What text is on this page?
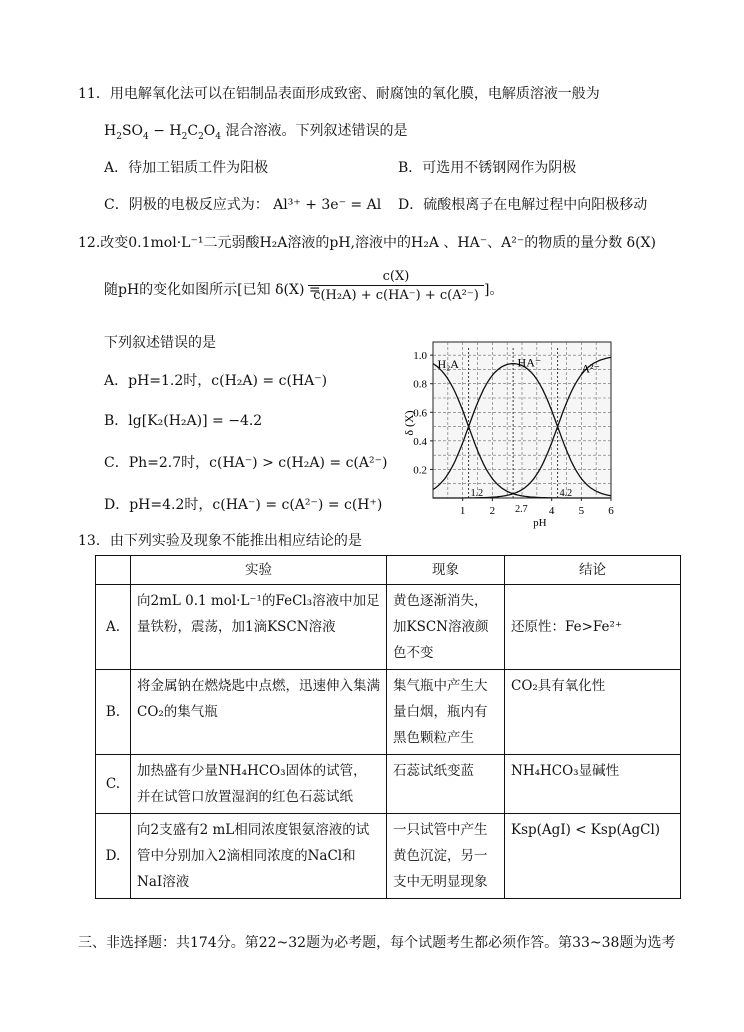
11．用电解氧化法可以在铝制品表面形成致密、耐腐蚀的氧化膜，电解质溶液一般为
$H_2SO_4 - H_2C_2O_4$ 混合溶液。下列叙述错误的是
A．待加工铝质工件为阳极	B．可选用不锈钢网作为阴极
C．阴极的电极反应式为： Al³⁺ + 3e⁻ = Al D．硫酸根离子在电解过程中向阳极移动
12.改变0.1mol·L⁻¹二元弱酸H₂A溶液的pH,溶液中的H₂A 、HA⁻、A²⁻的物质的量分数 δ(X)
随pH的变化如图所示[已知 δ(X) =
$\frac{c(X)}{\text{c(H₂A) + c(HA⁻) + c(A²⁻)}}$ ]。
下列叙述错误的是
A．pH=1.2时，c(H₂A) = c(HA⁻)
B．lg[K₂(H₂A)] = −4.2
C．Ph=2.7时，c(HA⁻) > c(H₂A) = c(A²⁻)
D．pH=4.2时，c(HA⁻) = c(A²⁻) = c(H⁺)
H₂A	HA⁻	A²⁻
0.2
0.4
0.6
0.8
1.0
1 2	4 5 6
1.2
2.7
4.2
pH
δ (X)
13．由下列实验及现象不能推出相应结论的是
	实验	现象	结论
A.	向2mL 0.1 mol·L⁻¹的FeCl₃溶液中加足量铁粉，震荡，加1滴KSCN溶液	黄色逐渐消失，加KSCN溶液颜色不变	还原性：Fe>Fe²⁺
B.	将金属钠在燃烧匙中点燃，迅速伸入集满CO₂的集气瓶	集气瓶中产生大量白烟，瓶内有黑色颗粒产生	CO₂具有氧化性
C.	加热盛有少量NH₄HCO₃固体的试管，并在试管口放置湿润的红色石蕊试纸	石蕊试纸变蓝	NH₄HCO₃显碱性
D.	向2支盛有2 mL相同浓度银氨溶液的试管中分别加入2滴相同浓度的NaCl和NaI溶液	一只试管中产生黄色沉淀，另一支中无明显现象	Ksp(AgI) < Ksp(AgCl)
三、非选择题：共174分。第22~32题为必考题，每个试题考生都必须作答。第33~38题为选考
